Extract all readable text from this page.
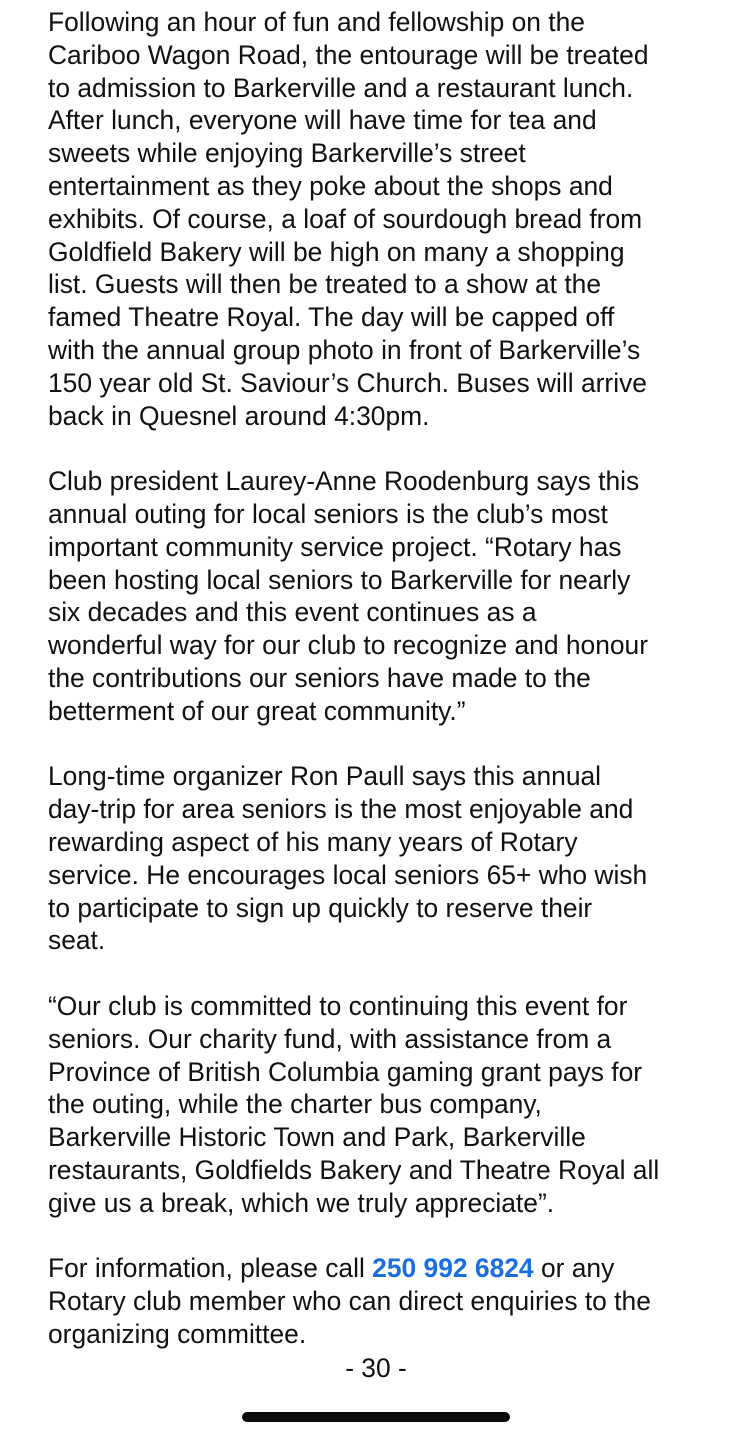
Following an hour of fun and fellowship on the
Cariboo Wagon Road, the entourage will be treated
to admission to Barkerville and a restaurant lunch.
After lunch, everyone will have time for tea and
sweets while enjoying Barkerville’s street
entertainment as they poke about the shops and
exhibits. Of course, a loaf of sourdough bread from
Goldfield Bakery will be high on many a shopping
list. Guests will then be treated to a show at the
famed Theatre Royal. The day will be capped off
with the annual group photo in front of Barkerville’s
150 year old St. Saviour’s Church. Buses will arrive
back in Quesnel around 4:30pm.

Club president Laurey-Anne Roodenburg says this
annual outing for local seniors is the club’s most
important community service project. “Rotary has
been hosting local seniors to Barkerville for nearly
six decades and this event continues as a
wonderful way for our club to recognize and honour
the contributions our seniors have made to the
betterment of our great community.”

Long-time organizer Ron Paull says this annual
day-trip for area seniors is the most enjoyable and
rewarding aspect of his many years of Rotary
service. He encourages local seniors 65+ who wish
to participate to sign up quickly to reserve their
seat.

“Our club is committed to continuing this event for
seniors. Our charity fund, with assistance from a
Province of British Columbia gaming grant pays for
the outing, while the charter bus company,
Barkerville Historic Town and Park, Barkerville
restaurants, Goldfields Bakery and Theatre Royal all
give us a break, which we truly appreciate”.

For information, please call 250 992 6824 or any
Rotary club member who can direct enquiries to the
organizing committee.

- 30 -
